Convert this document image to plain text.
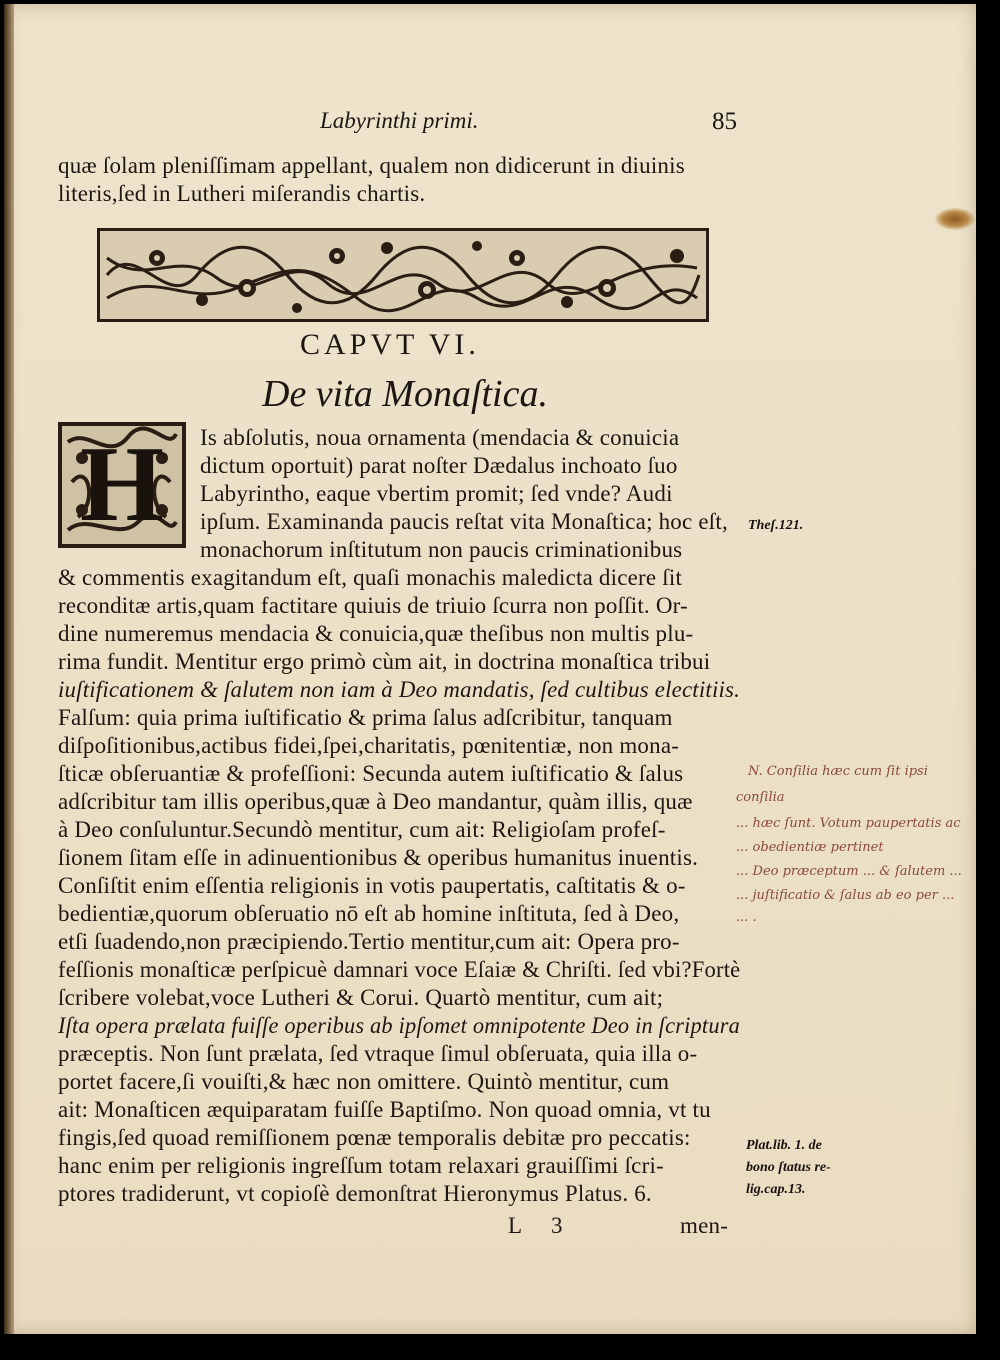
Labyrinthi primi.	85
quæ ſolam pleniſſimam appellant, qualem non didicerunt in diuinis
literis,ſed in Lutheri miſerandis chartis.
CAPVT VI.
De vita Monaſtica.
H	Is abſolutis, noua ornamenta (mendacia & conuicia
dictum oportuit) parat noſter Dædalus inchoato ſuo
Labyrintho, eaque vbertim promit; ſed vnde? Audi
ipſum. Examinanda paucis reſtat vita Monaſtica; hoc eſt,
monachorum inſtitutum non paucis criminationibus
& commentis exagitandum eſt, quaſi monachis maledicta dicere ſit
reconditæ artis,quam factitare quiuis de triuio ſcurra non poſſit. Or-
dine numeremus mendacia & conuicia,quæ theſibus non multis plu-
rima fundit. Mentitur ergo primò cùm ait, in doctrina monaſtica tribui
iuſtificationem & ſalutem non iam à Deo mandatis, ſed cultibus electitiis.
Falſum: quia prima iuſtificatio & prima ſalus adſcribitur, tanquam
diſpoſitionibus,actibus fidei,ſpei,charitatis, pœnitentiæ, non mona-
ſticæ obſeruantiæ & profeſſioni: Secunda autem iuſtificatio & ſalus
adſcribitur tam illis operibus,quæ à Deo mandantur, quàm illis, quæ
à Deo conſuluntur.Secundò mentitur, cum ait: Religioſam profeſ-
ſionem ſitam eſſe in adinuentionibus & operibus humanitus inuentis.
Conſiſtit enim eſſentia religionis in votis paupertatis, caſtitatis & o-
bedientiæ,quorum obſeruatio nō eſt ab homine inſtituta, ſed à Deo,
etſi ſuadendo,non præcipiendo.Tertio mentitur,cum ait: Opera pro-
feſſionis monaſticæ perſpicuè damnari voce Eſaiæ & Chriſti. ſed vbi?Fortè
ſcribere volebat,voce Lutheri & Corui. Quartò mentitur, cum ait;
Iſta opera prælata fuiſſe operibus ab ipſomet omnipotente Deo in ſcriptura
præceptis. Non ſunt prælata, ſed vtraque ſimul obſeruata, quia illa o-
portet facere,ſi vouiſti,& hæc non omittere. Quintò mentitur, cum
ait: Monaſticen æquiparatam fuiſſe Baptiſmo. Non quoad omnia, vt tu
fingis,ſed quoad remiſſionem pœnæ temporalis debitæ pro peccatis:
hanc enim per religionis ingreſſum totam relaxari grauiſſimi ſcri-
ptores tradiderunt, vt copioſè demonſtrat Hieronymus Platus. 6.
L 3	men-
Theſ.121.
Plat.lib. 1. de
bono ſtatus re-
lig.cap.13.
N. Conſilia hæc cum ſit ipsi
conſilia
... hæc ſunt. Votum paupertatis ac
... obedientiæ pertinet
... Deo præceptum ... & ſalutem ...
... juſtificatio & ſalus ab eo per ...
... .
